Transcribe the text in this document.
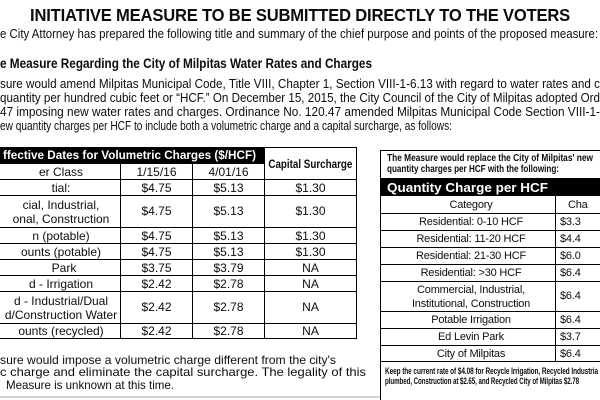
INITIATIVE MEASURE TO BE SUBMITTED DIRECTLY TO THE VOTERS
e City Attorney has prepared the following title and summary of the chief purpose and points of the proposed measure:
e Measure Regarding the City of Milpitas Water Rates and Charges
sure would amend Milpitas Municipal Code, Title VIII, Chapter 1, Section VIII-1-6.13 with regard to water rates and c
quantity per hundred cubic feet or “HCF.” On December 15, 2015, the City Council of the City of Milpitas adopted Ord
47 imposing new water rates and charges. Ordinance No. 120.47 amended Milpitas Municipal Code Section VIII-1-
ew quantity charges per HCF to include both a volumetric charge and a capital surcharge, as follows:
ffective Dates for Volumetric Charges ($/HCF)
Capital Surcharge
er Class	1/15/16	4/01/16
tial:	$4.75	$5.13	$1.30
cial, Industrial,
onal, Construction
$4.75	$5.13	$1.30
n (potable)	$4.75	$5.13	$1.30
ounts (potable)	$4.75	$5.13	$1.30
Park	$3.75	$3.79	NA
d - Irrigation	$2.42	$2.78	NA
d - Industrial/Dual
d/Construction Water
$2.42	$2.78	NA
ounts (recycled)	$2.42	$2.78	NA
sure would impose a volumetric charge different from the city's
c charge and eliminate the capital surcharge. The legality of this
Measure is unknown at this time.
The Measure would replace the City of Milpitas' new
quantity charges per HCF with the following:
Quantity Charge per HCF
Category	Cha
Residential: 0-10 HCF	$3.3
Residential: 11-20 HCF	$4.4
Residential: 21-30 HCF	$6.0
Residential: >30 HCF	$6.4
Commercial, Industrial,
Institutional, Construction
$6.4
Potable Irrigation	$6.4
Ed Levin Park	$3.7
City of Milpitas	$6.4
Keep the current rate of $4.08 for Recycle Irrigation, Recycled Industria
plumbed, Construction at $2.65, and Recycled City of Milpitas $2.78
